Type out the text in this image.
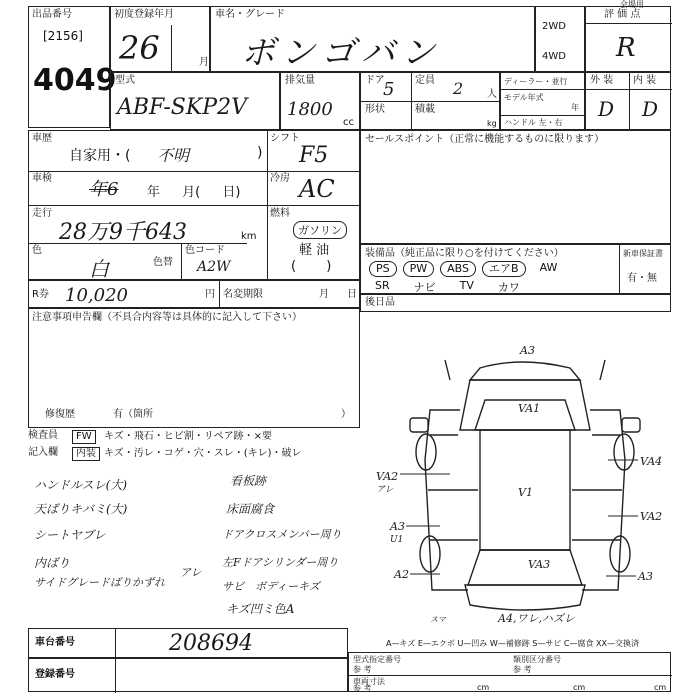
出品番号
[2156]
4049
初度登録年月
26	月
車名・グレード
ボンゴバン
2WD
4WD
評 価 点
R
会場用
型式
ABF-SKP2V
排気量
1800
cc
ドア
5 定員 2 人
形状	積載
kg
ディーラー・並行
モデル年式
年
ハンドル 左・右
外 装 内 装
D D
車歴
自家用・( 不明	)
シフト
F5
車検
年6 年 月( 日)
冷房 AC
走行
28万9千643	km
燃料
ガソリン
軽 油
( )
色
白	色替
色コード
A2W
R券 10,020	円 名変期限	月 日
注意事項申告欄（不具合内容等は具体的に記入して下さい）
修復歴	有（箇所	）
検査員
記入欄
FW	キズ・飛石・ヒビ割・リペア跡・×要
内装 キズ・汚レ・コゲ・穴・スレ・(キレ)・破レ
ハンドルスレ(大)
天ばりキバミ(大)
シートヤブレ
内ばり
サイドグレードばりかずれ
アレ
看板跡
床面腐食
ドアクロスメンバー周り
左Fドアシリンダー周り
サビ　ボディーキズ
キズ凹ミ色A
セールスポイント（正常に機能するものに限ります）
装備品（純正品に限り○を付けてください）	新車保証書
有・無
PS	PW	ABS	エアB	AW
SR ナビ TV カワ
後日品
A3
VA1
VA4
VA2
アレ
VA2
V1
A3
U1
VA3
A2	A3
A4,ワレ,ハズレ
スマ
A—キズ E—エクボ U—凹み W—補修跡 S—サビ C—腐食 XX—交換済
車台番号	208694
登録番号
型式指定番号	類別区分番号
参 考	参 考
車両寸法
参 考	cm	cm	cm
